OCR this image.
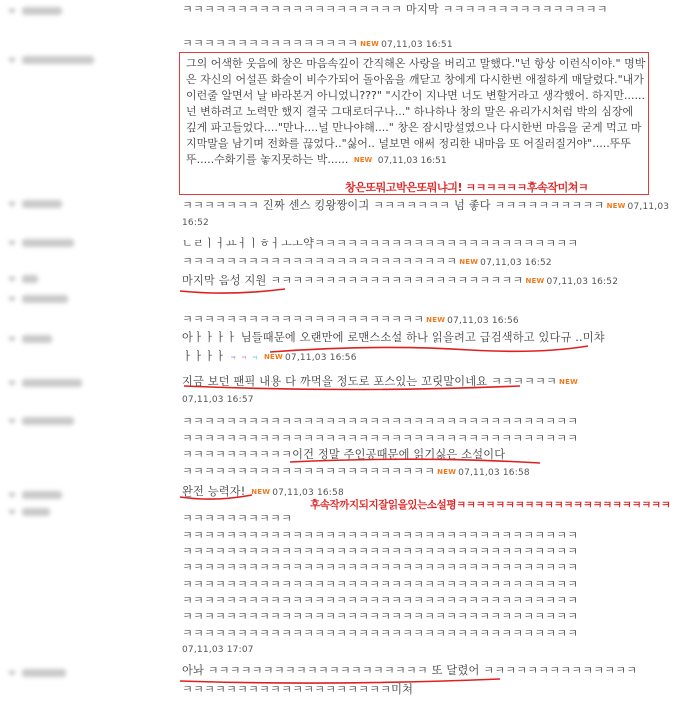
그의 어색한 웃음에 창은 마음속깊이 간직해온 사랑을 버리고 말했다."넌 항상 이런식이야." 명박은 자신의 어설픈 화술이 비수가되어 돌아옴을 깨닫고 창에게 다시한번 애절하게 매달렸다."내가 이런줄 알면서 날 바라본거 아니었니???" "시간이 지나면 너도 변할거라고 생각했어. 하지만......넌 변하려고 노력만 했지 결국 그대로더구나..." 하나하나 창의 말은 유리가시처럼 박의 심장에 깊게 파고들었다...."만나....널 만나야해...." 창은 잠시망설였으나 다시한번 마음을 굳게 먹고 마지막말을 남기며 전화를 끊었다.."싫어.. 널보면 애써 정리한 내마음 또 어질러질거야".....뚜뚜뚜.....수화기를 놓지못하는 박...... NEW 07,11,03 16:51
창은또뭐고박은또뭐냐긔! ㅋㅋㅋㅋㅋㅋ후속작미쳐ㅋ
후속작까지되지잘읽을있는소설평ㅋㅋㅋㅋㅋㅋㅋㅋㅋㅋㅋㅋㅋㅋㅋㅋㅋㅋㅋㅋㅋㅋ
ㅋㅋㅋㅋㅋㅋㅋㅋㅋㅋㅋㅋㅋㅋㅋㅋㅋㅋㅋㅋ 마지막 ㅋㅋㅋㅋㅋㅋㅋㅋㅋㅋㅋㅋㅋㅋㅋ
ㅋㅋㅋㅋㅋㅋㅋㅋㅋㅋㅋㅋㅋㅋㅋㅋ NEW 07,11,03 16:51
ㅋㅋㅋㅋㅋㅋㅋ 진짜 센스 킹왕짱이긔 ㅋㅋㅋㅋㅋㅋㅋ 넘 좋다 ㅋㅋㅋㅋㅋㅋㅋㅋㅋㅋ NEW 07,11,03
16:52
ㄴㄹㅣㅓㅛㅓㅣㅎㅓㅗㅗ약ㅋㅋㅋㅋㅋㅋㅋㅋㅋㅋㅋㅋㅋㅋㅋㅋㅋㅋㅋㅋㅋㅋㅋㅋ
ㅋㅋㅋㅋㅋㅋㅋㅋㅋㅋㅋㅋㅋㅋㅋㅋㅋㅋㅋㅋㅋㅋㅋㅋㅋ NEW 07,11,03 16:52
마지막 음성 지원 ㅋㅋㅋㅋㅋㅋㅋㅋㅋㅋㅋㅋㅋㅋㅋㅋㅋㅋㅋㅋㅋㅋㅋ NEW 07,11,03 16:52
ㅋㅋㅋㅋㅋㅋㅋㅋㅋㅋㅋㅋㅋㅋㅋㅋㅋㅋㅋㅋㅋㅋ NEW 07,11,03 16:56
아ㅏㅏㅏㅏ 님들때문에 오랜만에 로맨스소설 하나 읽을려고 급검색하고 있다규 ..미챠
ㅏㅏㅏㅏ ㅋ ㅋ ㅋ NEW 07,11,03 16:56
지금 보던 팬픽 내용 다 까먹을 정도로 포스있는 꼬릿말이네요 ㅋㅋㅋㅋㅋㅋ NEW
07,11,03 16:57
ㅋㅋㅋㅋㅋㅋㅋㅋㅋㅋㅋㅋㅋㅋㅋㅋㅋㅋㅋㅋㅋㅋㅋㅋㅋㅋㅋㅋㅋㅋㅋㅋㅋㅋㅋㅋ
ㅋㅋㅋㅋㅋㅋㅋㅋㅋㅋㅋㅋㅋㅋㅋㅋㅋㅋㅋㅋㅋㅋㅋㅋㅋㅋㅋㅋㅋㅋㅋㅋㅋㅋㅋㅋ
ㅋㅋㅋㅋㅋㅋㅋㅋㅋㅋ이건 정말 주인공때문에 읽기싫은 소설이다
ㅋㅋㅋㅋㅋㅋㅋㅋㅋㅋㅋㅋㅋㅋㅋㅋㅋㅋㅋㅋㅋㅋㅋ NEW 07,11,03 16:58
완전 능력자! NEW 07,11,03 16:58
ㅋㅋㅋㅋㅋㅋㅋㅋㅋㅋ
ㅋㅋㅋㅋㅋㅋㅋㅋㅋㅋㅋㅋㅋㅋㅋㅋㅋㅋㅋㅋㅋㅋㅋㅋㅋㅋㅋㅋㅋㅋㅋㅋㅋㅋㅋㅋ
ㅋㅋㅋㅋㅋㅋㅋㅋㅋㅋㅋㅋㅋㅋㅋㅋㅋㅋㅋㅋㅋㅋㅋㅋㅋㅋㅋㅋㅋㅋㅋㅋㅋㅋㅋㅋ
ㅋㅋㅋㅋㅋㅋㅋㅋㅋㅋㅋㅋㅋㅋㅋㅋㅋㅋㅋㅋㅋㅋㅋㅋㅋㅋㅋㅋㅋㅋㅋㅋㅋㅋㅋㅋ
ㅋㅋㅋㅋㅋㅋㅋㅋㅋㅋㅋㅋㅋㅋㅋㅋㅋㅋㅋㅋㅋㅋㅋㅋㅋㅋㅋㅋㅋㅋㅋㅋㅋㅋㅋㅋ
ㅋㅋㅋㅋㅋㅋㅋㅋㅋㅋㅋㅋㅋㅋㅋㅋㅋㅋㅋㅋㅋㅋㅋㅋㅋㅋㅋㅋㅋㅋㅋㅋㅋㅋㅋㅋ
ㅋㅋㅋㅋㅋㅋㅋㅋㅋㅋㅋㅋㅋㅋㅋㅋㅋㅋㅋㅋㅋㅋㅋㅋㅋㅋㅋㅋㅋㅋㅋㅋㅋㅋㅋㅋ
ㅋㅋㅋㅋㅋㅋㅋㅋㅋㅋㅋㅋㅋㅋㅋㅋㅋㅋㅋㅋㅋㅋㅋㅋㅋㅋㅋㅋㅋㅋㅋㅋㅋㅋㅋㅋ
07,11,03 17:07
아놔 ㅋㅋㅋㅋㅋㅋㅋㅋㅋㅋㅋㅋㅋㅋㅋㅋㅋㅋㅋㅋ 또 달렸어 ㅋㅋㅋㅋㅋㅋㅋㅋㅋㅋㅋㅋㅋㅋ
ㅋㅋㅋㅋㅋㅋㅋㅋㅋㅋㅋㅋㅋㅋㅋㅋㅋㅋㅋ미쳐
